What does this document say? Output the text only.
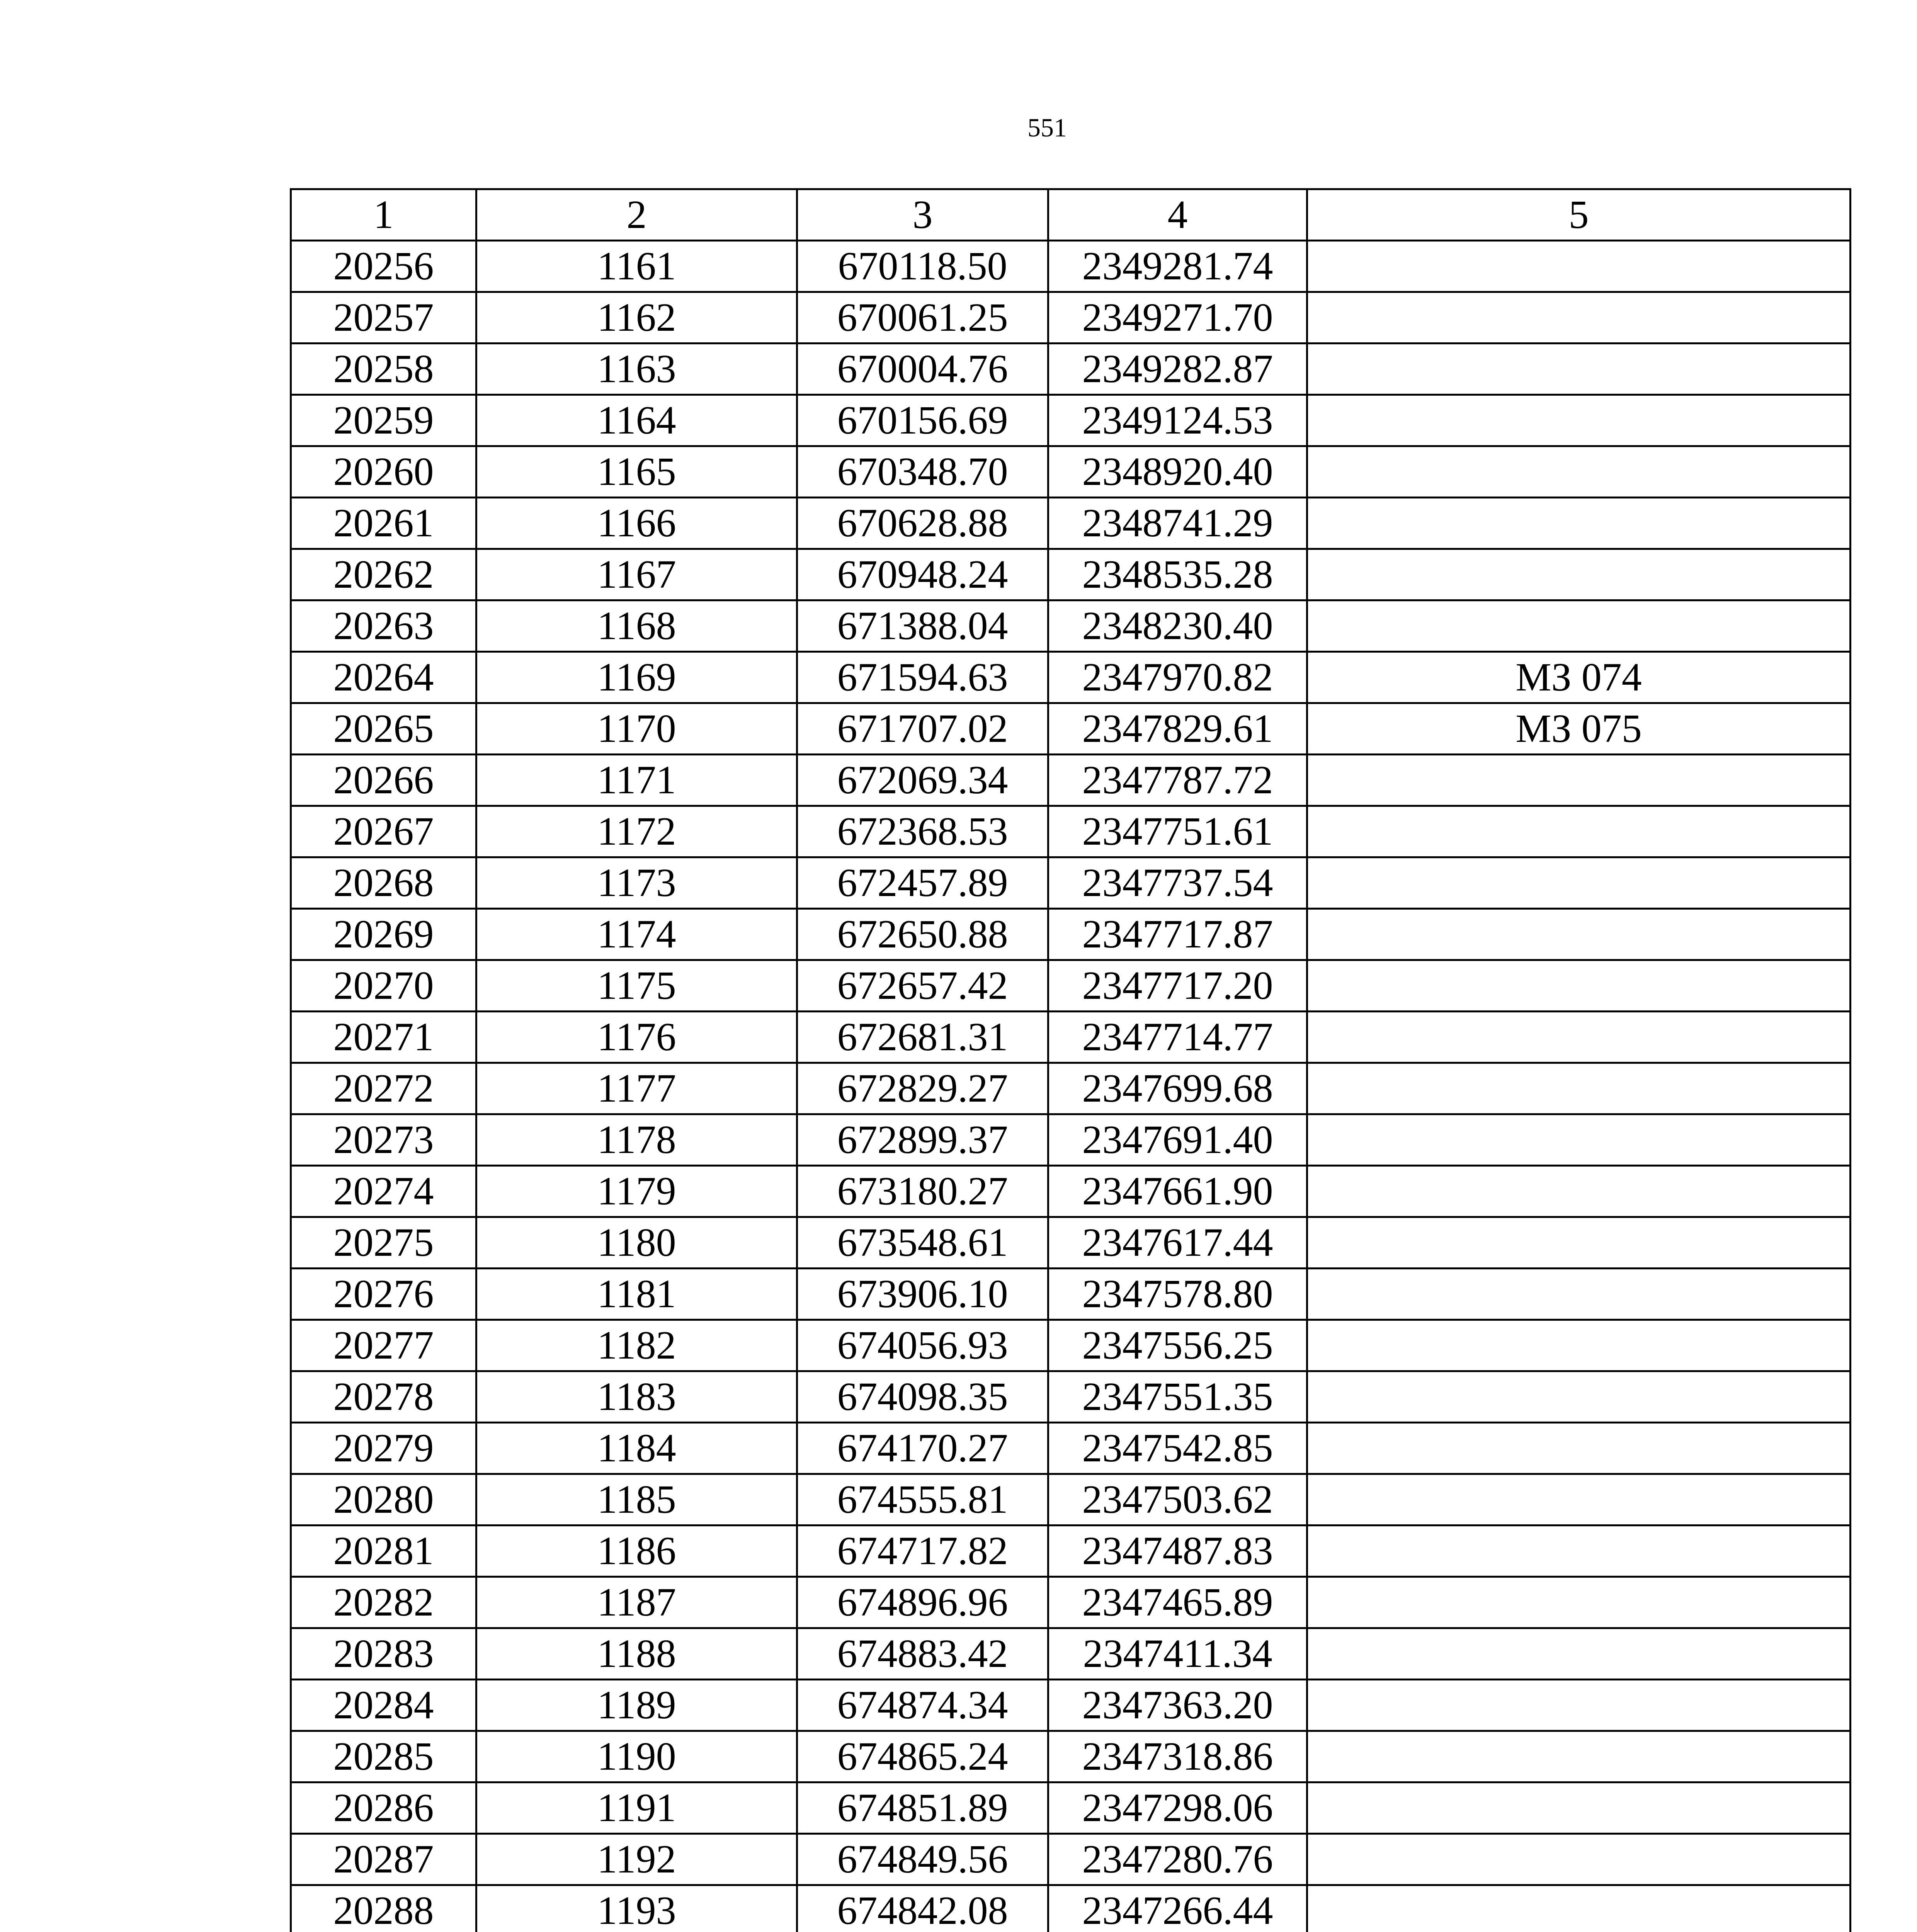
551
1	2	3	4	5
20256	1161	670118.50	2349281.74	
20257	1162	670061.25	2349271.70	
20258	1163	670004.76	2349282.87	
20259	1164	670156.69	2349124.53	
20260	1165	670348.70	2348920.40	
20261	1166	670628.88	2348741.29	
20262	1167	670948.24	2348535.28	
20263	1168	671388.04	2348230.40	
20264	1169	671594.63	2347970.82	МЗ 074
20265	1170	671707.02	2347829.61	МЗ 075
20266	1171	672069.34	2347787.72	
20267	1172	672368.53	2347751.61	
20268	1173	672457.89	2347737.54	
20269	1174	672650.88	2347717.87	
20270	1175	672657.42	2347717.20	
20271	1176	672681.31	2347714.77	
20272	1177	672829.27	2347699.68	
20273	1178	672899.37	2347691.40	
20274	1179	673180.27	2347661.90	
20275	1180	673548.61	2347617.44	
20276	1181	673906.10	2347578.80	
20277	1182	674056.93	2347556.25	
20278	1183	674098.35	2347551.35	
20279	1184	674170.27	2347542.85	
20280	1185	674555.81	2347503.62	
20281	1186	674717.82	2347487.83	
20282	1187	674896.96	2347465.89	
20283	1188	674883.42	2347411.34	
20284	1189	674874.34	2347363.20	
20285	1190	674865.24	2347318.86	
20286	1191	674851.89	2347298.06	
20287	1192	674849.56	2347280.76	
20288	1193	674842.08	2347266.44	
